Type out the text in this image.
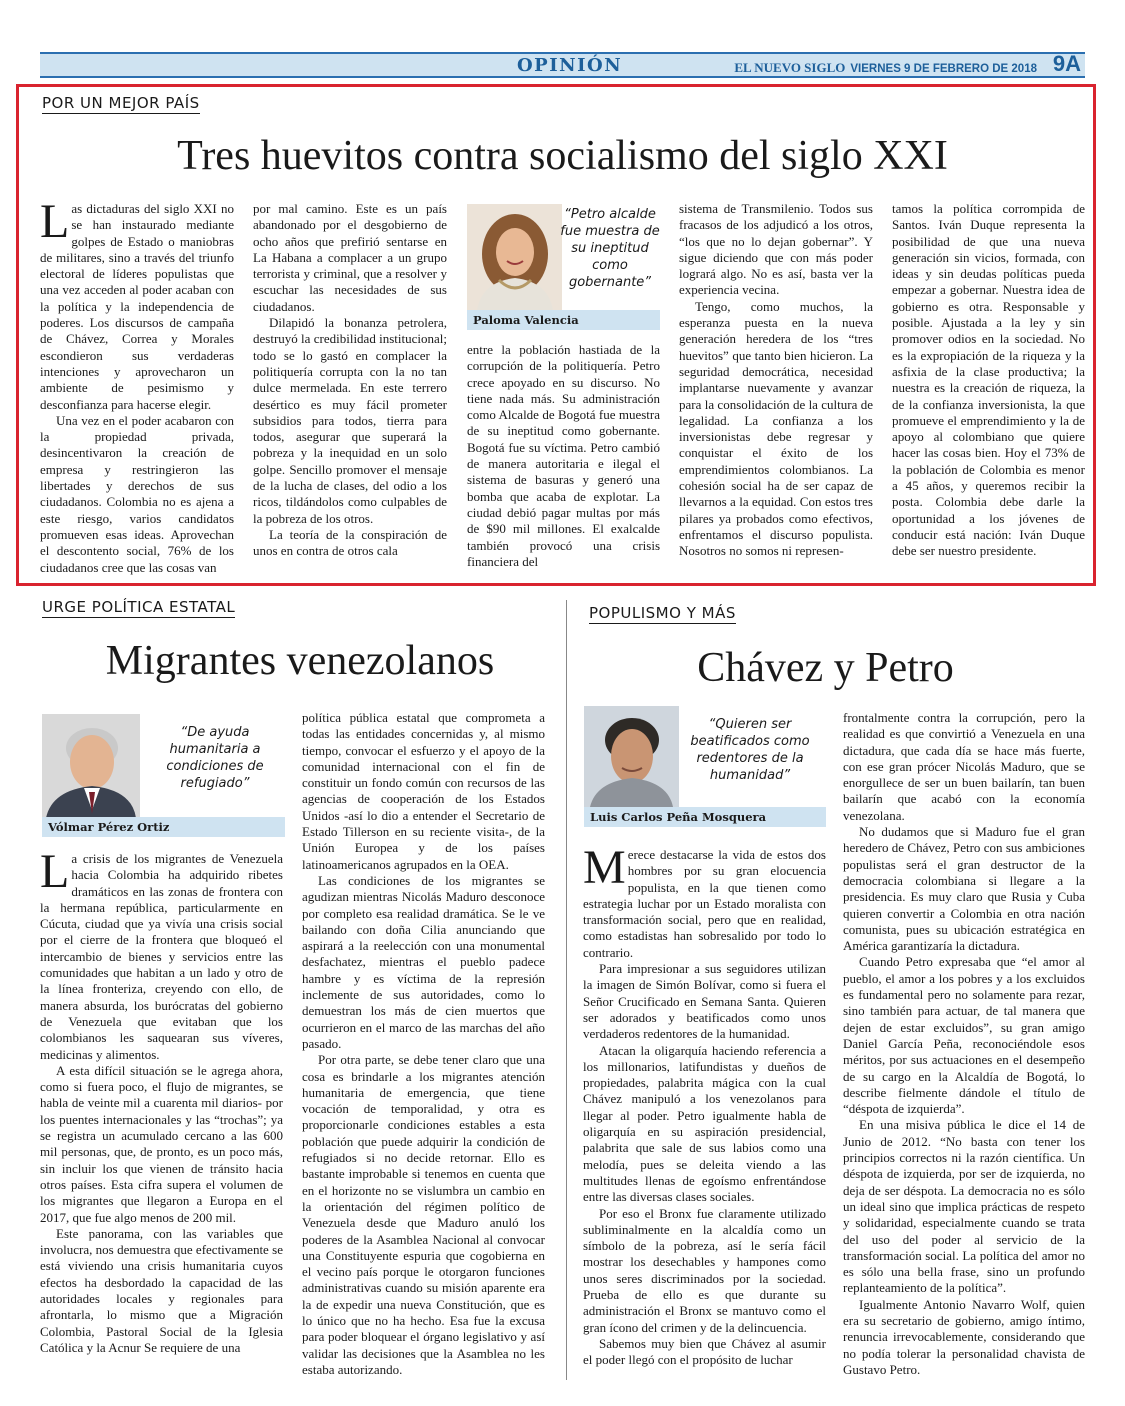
OPINIÓN	EL NUEVO SIGLO VIERNES 9 DE FEBRERO DE 2018 9A
POR UN MEJOR PAÍS
Tres huevitos contra socialismo del siglo XXI

Las dictaduras del siglo XXI no se han instaurado mediante golpes de Estado o maniobras de militares, sino a través del triunfo electoral de líderes populistas que una vez acceden al poder acaban con la política y la independencia de poderes. Los discursos de campaña de Chávez, Correa y Morales escondieron sus verdaderas intenciones y aprovecharon un ambiente de pesimismo y desconfianza para hacerse elegir.

Una vez en el poder acabaron con la propiedad privada, desincentivaron la creación de empresa y restringieron las libertades y derechos de sus ciudadanos. Colombia no es ajena a este riesgo, varios candidatos promueven esas ideas. Aprovechan el descontento social, 76% de los ciudadanos cree que las cosas van

por mal camino. Este es un país abandonado por el desgobierno de ocho años que prefirió sentarse en La Habana a complacer a un grupo terrorista y criminal, que a resolver y escuchar las necesidades de sus ciudadanos.

Dilapidó la bonanza petrolera, destruyó la credibilidad institucional; todo se lo gastó en complacer la politiquería corrupta con la no tan dulce mermelada. En este terrero desértico es muy fácil prometer subsidios para todos, tierra para todos, asegurar que superará la pobreza y la inequidad en un solo golpe. Sencillo promover el mensaje de la lucha de clases, del odio a los ricos, tildándolos como culpables de la pobreza de los otros.

La teoría de la conspiración de unos en contra de otros cala

“Petro alcalde fue muestra de su ineptitud como gobernante”
Paloma Valencia

entre la población hastiada de la corrupción de la politiquería. Petro crece apoyado en su discurso. No tiene nada más. Su administración como Alcalde de Bogotá fue muestra de su ineptitud como gobernante. Bogotá fue su víctima. Petro cambió de manera autoritaria e ilegal el sistema de basuras y generó una bomba que acaba de explotar. La ciudad debió pagar multas por más de $90 mil millones. El exalcalde también provocó una crisis financiera del

sistema de Transmilenio. Todos sus fracasos de los adjudicó a los otros, “los que no lo dejan gobernar”. Y sigue diciendo que con más poder logrará algo. No es así, basta ver la experiencia vecina.

Tengo, como muchos, la esperanza puesta en la nueva generación heredera de los “tres huevitos” que tanto bien hicieron. La seguridad democrática, necesidad implantarse nuevamente y avanzar para la consolidación de la cultura de legalidad. La confianza a los inversionistas debe regresar y conquistar el éxito de los emprendimientos colombianos. La cohesión social ha de ser capaz de llevarnos a la equidad. Con estos tres pilares ya probados como efectivos, enfrentamos el discurso populista. Nosotros no somos ni represen-

tamos la política corrompida de Santos. Iván Duque representa la posibilidad de que una nueva generación sin vicios, formada, con ideas y sin deudas políticas pueda empezar a gobernar. Nuestra idea de gobierno es otra. Responsable y posible. Ajustada a la ley y sin promover odios en la sociedad. No es la expropiación de la riqueza y la asfixia de la clase productiva; la nuestra es la creación de riqueza, la de la confianza inversionista, la que promueve el emprendimiento y la de apoyo al colombiano que quiere hacer las cosas bien. Hoy el 73% de la población de Colombia es menor a 45 años, y queremos recibir la posta. Colombia debe darle la oportunidad a los jóvenes de conducir está nación: Iván Duque debe ser nuestro presidente.

URGE POLÍTICA ESTATAL
Migrantes venezolanos
“De ayuda humanitaria a condiciones de refugiado”
Vólmar Pérez Ortiz

La crisis de los migrantes de Venezuela hacia Colombia ha adquirido ribetes dramáticos en las zonas de frontera con la hermana república, particularmente en Cúcuta, ciudad que ya vivía una crisis social por el cierre de la frontera que bloqueó el intercambio de bienes y servicios entre las comunidades que habitan a un lado y otro de la línea fronteriza, creyendo con ello, de manera absurda, los burócratas del gobierno de Venezuela que evitaban que los colombianos les saquearan sus víveres, medicinas y alimentos.

A esta difícil situación se le agrega ahora, como si fuera poco, el flujo de migrantes, se habla de veinte mil a cuarenta mil diarios- por los puentes internacionales y las “trochas”; ya se registra un acumulado cercano a las 600 mil personas, que, de pronto, es un poco más, sin incluir los que vienen de tránsito hacia otros países. Esta cifra supera el volumen de los migrantes que llegaron a Europa en el 2017, que fue algo menos de 200 mil.

Este panorama, con las variables que involucra, nos demuestra que efectivamente se está viviendo una crisis humanitaria cuyos efectos ha desbordado la capacidad de las autoridades locales y regionales para afrontarla, lo mismo que a Migración Colombia, Pastoral Social de la Iglesia Católica y la Acnur Se requiere de una

política pública estatal que comprometa a todas las entidades concernidas y, al mismo tiempo, convocar el esfuerzo y el apoyo de la comunidad internacional con el fin de constituir un fondo común con recursos de las agencias de cooperación de los Estados Unidos -así lo dio a entender el Secretario de Estado Tillerson en su reciente visita-, de la Unión Europea y de los países latinoamericanos agrupados en la OEA.

Las condiciones de los migrantes se agudizan mientras Nicolás Maduro desconoce por completo esa realidad dramática. Se le ve bailando con doña Cilia anunciando que aspirará a la reelección con una monumental desfachatez, mientras el pueblo padece hambre y es víctima de la represión inclemente de sus autoridades, como lo demuestran los más de cien muertos que ocurrieron en el marco de las marchas del año pasado.

Por otra parte, se debe tener claro que una cosa es brindarle a los migrantes atención humanitaria de emergencia, que tiene vocación de temporalidad, y otra es proporcionarle condiciones estables a esta población que puede adquirir la condición de refugiados si no decide retornar. Ello es bastante improbable si tenemos en cuenta que en el horizonte no se vislumbra un cambio en la orientación del régimen político de Venezuela desde que Maduro anuló los poderes de la Asamblea Nacional al convocar una Constituyente espuria que cogobierna en el vecino país porque le otorgaron funciones administrativas cuando su misión aparente era la de expedir una nueva Constitución, que es lo único que no ha hecho. Esa fue la excusa para poder bloquear el órgano legislativo y así validar las decisiones que la Asamblea no les estaba autorizando.

POPULISMO Y MÁS
Chávez y Petro
“Quieren ser beatificados como redentores de la humanidad”
Luis Carlos Peña Mosquera

Merece destacarse la vida de estos dos hombres por su gran elocuencia populista, en la que tienen como estrategia luchar por un Estado moralista con transformación social, pero que en realidad, como estadistas han sobresalido por todo lo contrario.

Para impresionar a sus seguidores utilizan la imagen de Simón Bolívar, como si fuera el Señor Crucificado en Semana Santa. Quieren ser adorados y beatificados como unos verdaderos redentores de la humanidad.

Atacan la oligarquía haciendo referencia a los millonarios, latifundistas y dueños de propiedades, palabrita mágica con la cual Chávez manipuló a los venezolanos para llegar al poder. Petro igualmente habla de oligarquía en su aspiración presidencial, palabrita que sale de sus labios como una melodía, pues se deleita viendo a las multitudes llenas de egoísmo enfrentándose entre las diversas clases sociales.

Por eso el Bronx fue claramente utilizado subliminalmente en la alcaldía como un símbolo de la pobreza, así le sería fácil mostrar los desechables y hampones como unos seres discriminados por la sociedad. Prueba de ello es que durante su administración el Bronx se mantuvo como el gran ícono del crimen y de la delincuencia.

Sabemos muy bien que Chávez al asumir el poder llegó con el propósito de luchar

frontalmente contra la corrupción, pero la realidad es que convirtió a Venezuela en una dictadura, que cada día se hace más fuerte, con ese gran prócer Nicolás Maduro, que se enorgullece de ser un buen bailarín, tan buen bailarín que acabó con la economía venezolana.

No dudamos que si Maduro fue el gran heredero de Chávez, Petro con sus ambiciones populistas será el gran destructor de la democracia colombiana si llegare a la presidencia. Es muy claro que Rusia y Cuba quieren convertir a Colombia en otra nación comunista, pues su ubicación estratégica en América garantizaría la dictadura.

Cuando Petro expresaba que “el amor al pueblo, el amor a los pobres y a los excluidos es fundamental pero no solamente para rezar, sino también para actuar, de tal manera que dejen de estar excluidos”, su gran amigo Daniel García Peña, reconociéndole esos méritos, por sus actuaciones en el desempeño de su cargo en la Alcaldía de Bogotá, lo describe fielmente dándole el título de “déspota de izquierda”.

En una misiva pública le dice el 14 de Junio de 2012. “No basta con tener los principios correctos ni la razón científica. Un déspota de izquierda, por ser de izquierda, no deja de ser déspota. La democracia no es sólo un ideal sino que implica prácticas de respeto y solidaridad, especialmente cuando se trata del uso del poder al servicio de la transformación social. La política del amor no es sólo una bella frase, sino un profundo replanteamiento de la política”.

Igualmente Antonio Navarro Wolf, quien era su secretario de gobierno, amigo íntimo, renuncia irrevocablemente, considerando que no podía tolerar la personalidad chavista de Gustavo Petro.
